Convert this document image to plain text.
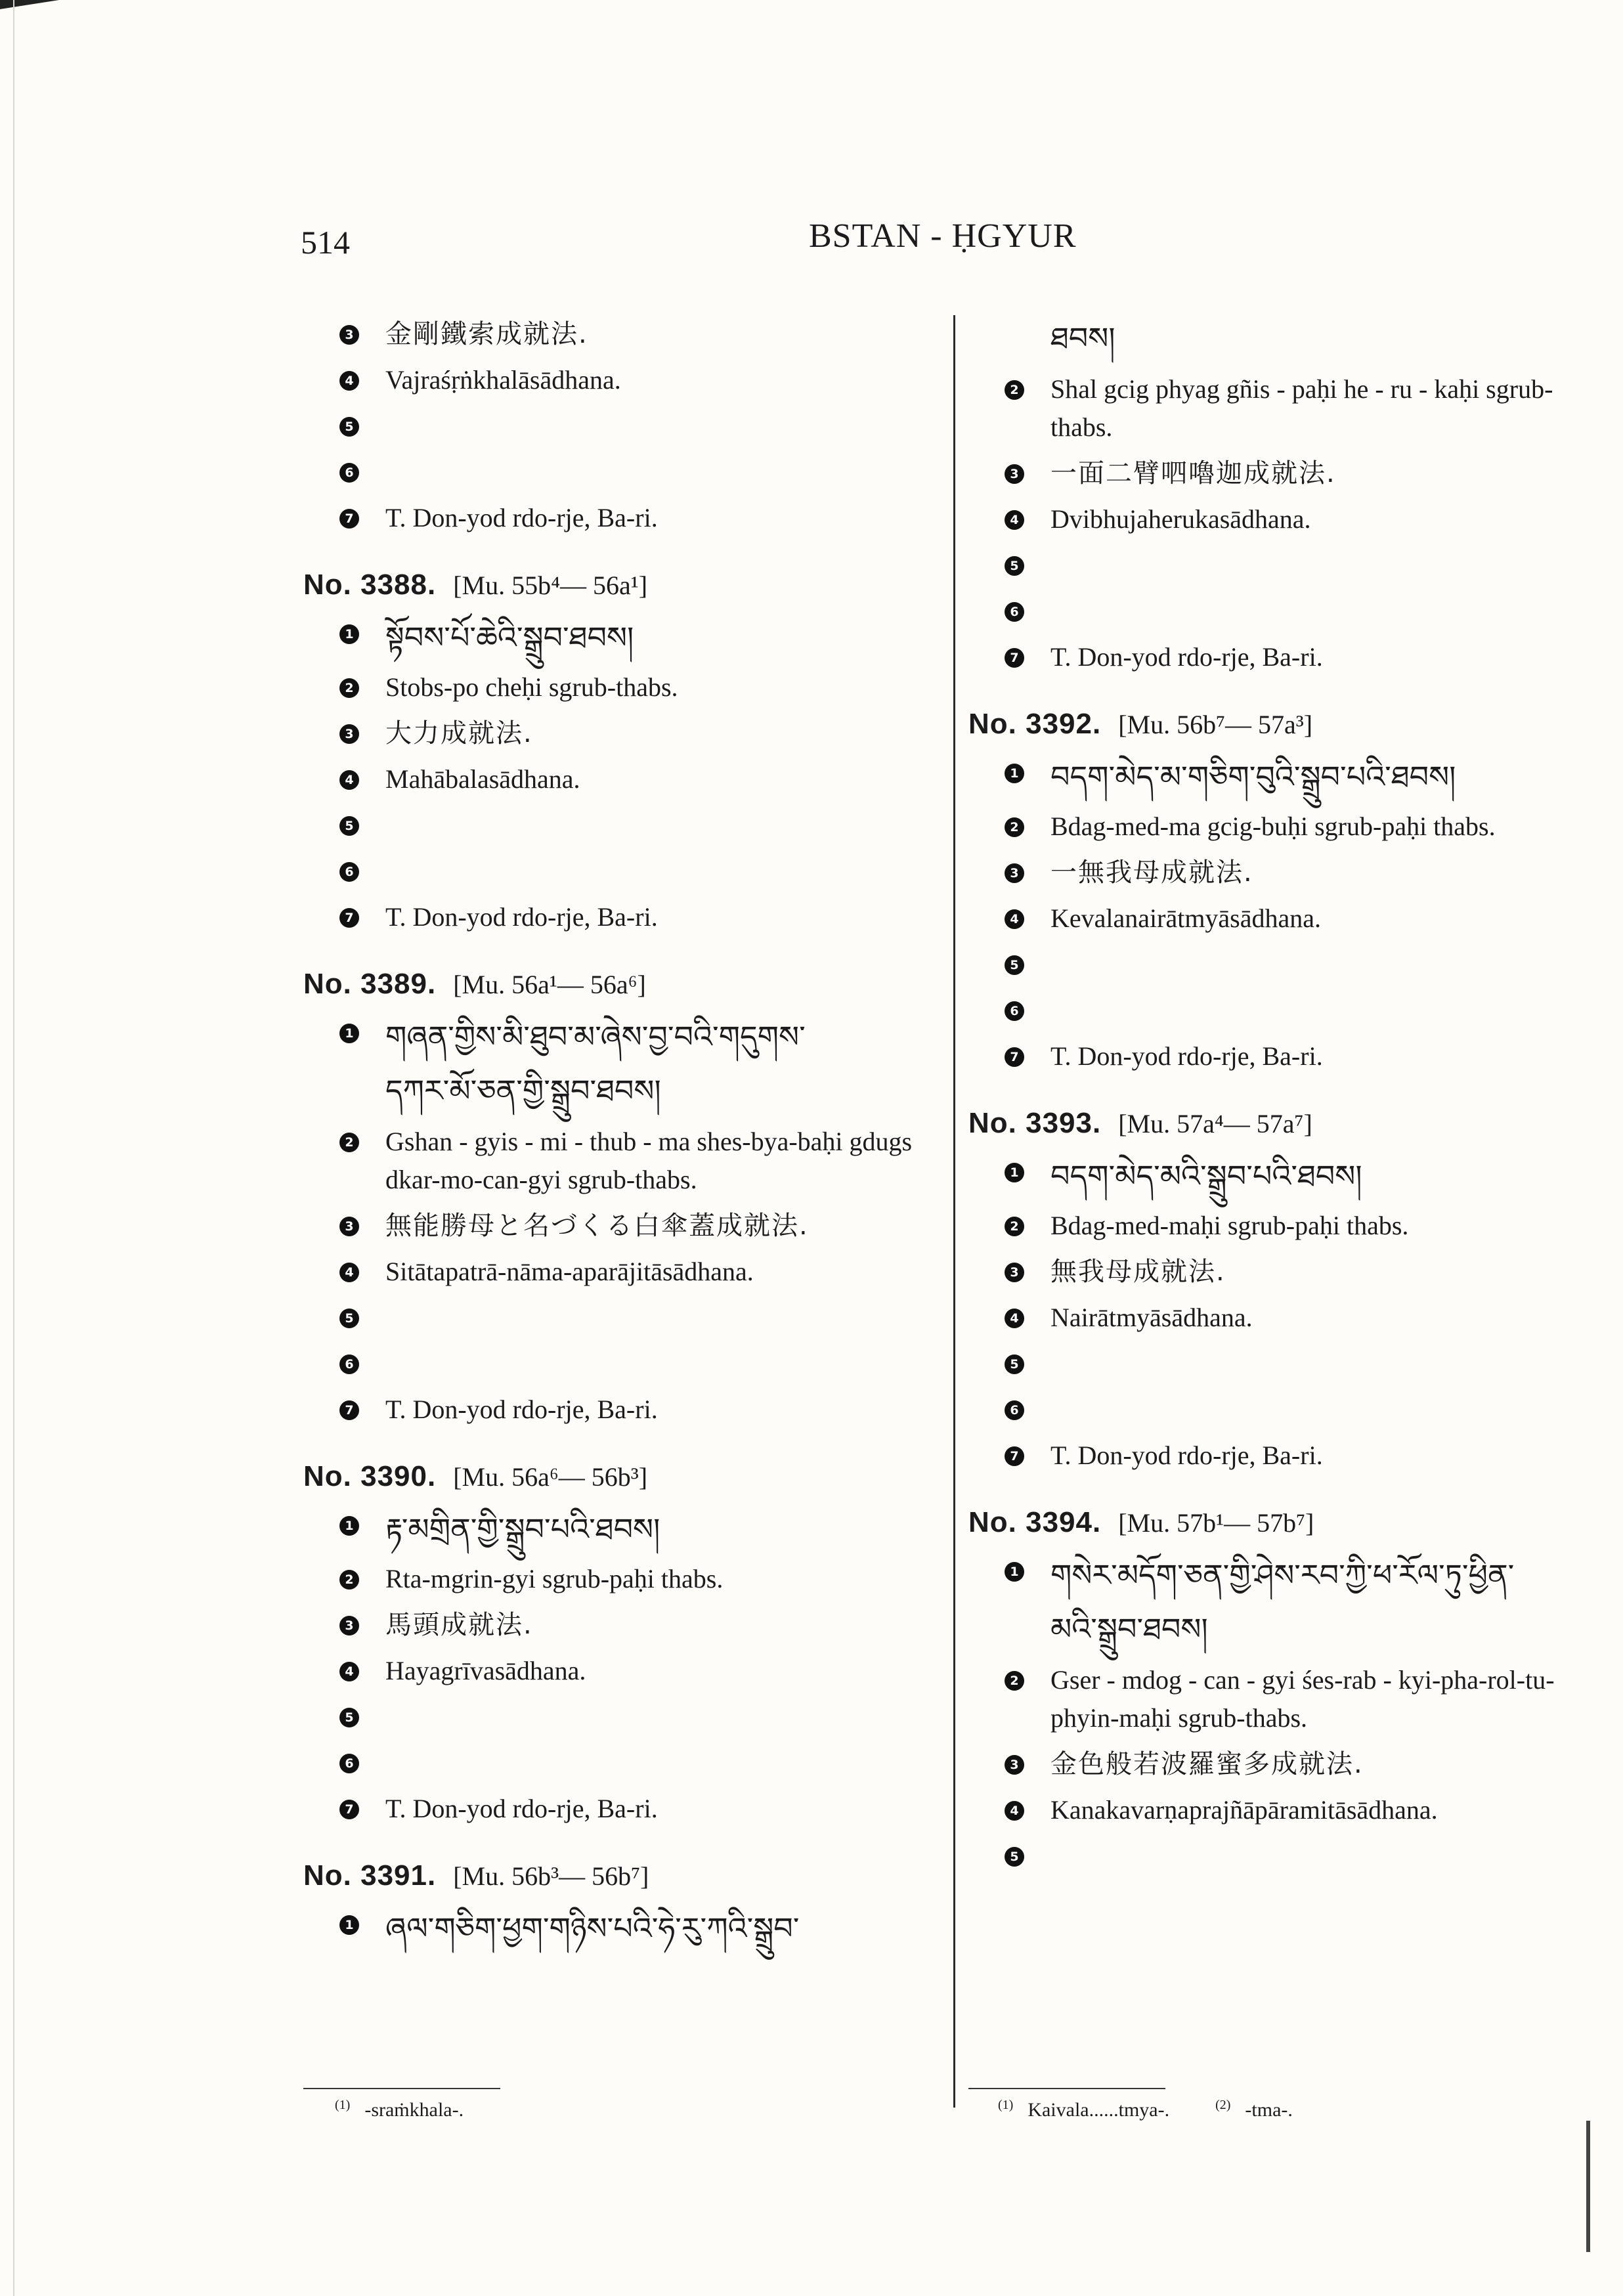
514	BSTAN - ḤGYUR
3 金剛鐵索成就法.
4 Vajraśṛṅkhalāsādhana.
5
6
7 T. Don-yod rdo-rje, Ba-ri.
No. 3388. [Mu. 55b⁴— 56a¹]
1 སྟོབས་པོ་ཆེའི་སྒྲུབ་ཐབས།
2 Stobs-po cheḥi sgrub-thabs.
3 大力成就法.
4 Mahābalasādhana.
5
6
7 T. Don-yod rdo-rje, Ba-ri.
No. 3389. [Mu. 56a¹— 56a⁶]
1 གཞན་གྱིས་མི་ཐུབ་མ་ཞེས་བྱ་བའི་གདུགས་
དཀར་མོ་ཅན་གྱི་སྒྲུབ་ཐབས།
2 Gshan - gyis - mi - thub - ma shes-bya-baḥi gdugs dkar-mo-can-gyi sgrub-thabs.
3 無能勝母と名づくる白傘蓋成就法.
4 Sitātapatrā-nāma-aparājitāsādhana.
5
6
7 T. Don-yod rdo-rje, Ba-ri.
No. 3390. [Mu. 56a⁶— 56b³]
1 རྟ་མགྲིན་གྱི་སྒྲུབ་པའི་ཐབས།
2 Rta-mgrin-gyi sgrub-paḥi thabs.
3 馬頭成就法.
4 Hayagrīvasādhana.
5
6
7 T. Don-yod rdo-rje, Ba-ri.
No. 3391. [Mu. 56b³— 56b⁷]
1 ཞལ་གཅིག་ཕྱག་གཉིས་པའི་ཧེ་རུ་ཀའི་སྒྲུབ་
$^{(1)}$ -sraṁkhala-.
ཐབས།
2 Shal gcig phyag gñis - paḥi he - ru - kaḥi sgrub-thabs.
3 一面二臂呬嚕迦成就法.
4 Dvibhujaherukasādhana.
5
6
7 T. Don-yod rdo-rje, Ba-ri.
No. 3392. [Mu. 56b⁷— 57a³]
1 བདག་མེད་མ་གཅིག་བུའི་སྒྲུབ་པའི་ཐབས།
2 Bdag-med-ma gcig-buḥi sgrub-paḥi thabs.
3 一無我母成就法.
4 Kevalanairātmyāsādhana.
5
6
7 T. Don-yod rdo-rje, Ba-ri.
No. 3393. [Mu. 57a⁴— 57a⁷]
1 བདག་མེད་མའི་སྒྲུབ་པའི་ཐབས།
2 Bdag-med-maḥi sgrub-paḥi thabs.
3 無我母成就法.
4 Nairātmyāsādhana.
5
6
7 T. Don-yod rdo-rje, Ba-ri.
No. 3394. [Mu. 57b¹— 57b⁷]
1 གསེར་མདོག་ཅན་གྱི་ཤེས་རབ་ཀྱི་ཕ་རོལ་ཏུ་ཕྱིན་
མའི་སྒྲུབ་ཐབས།
2 Gser - mdog - can - gyi śes-rab - kyi-pha-rol-tu-phyin-maḥi sgrub-thabs.
3 金色般若波羅蜜多成就法.
4 Kanakavarṇaprajñāpāramitāsādhana.
5
$^{(1)}$ Kaivala......tmya-.	$^{(2)}$ -tma-.
